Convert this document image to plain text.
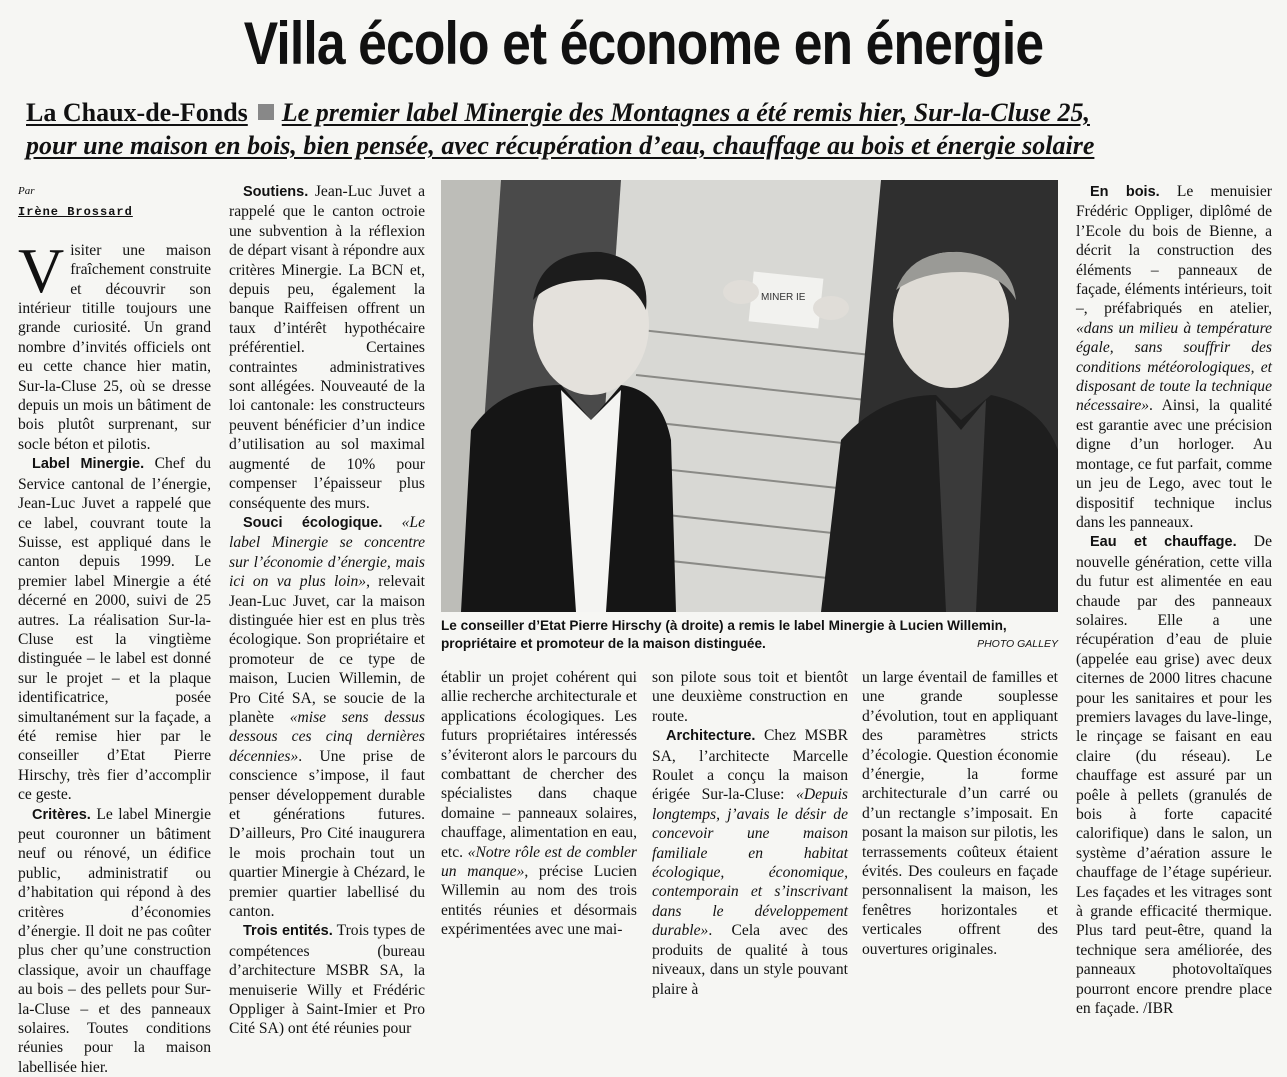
Villa écolo et économe en énergie
La Chaux-de-Fonds Le premier label Minergie des Montagnes a été remis hier, Sur-la-Cluse 25,
pour une maison en bois, bien pensée, avec récupération d’eau, chauffage au bois et énergie solaire
Par
Irène Brossard

Visiter une maison fraîchement construite et découvrir son intérieur titille toujours une grande curiosité. Un grand nombre d’invités officiels ont eu cette chance hier matin, Sur-la-Cluse 25, où se dresse depuis un mois un bâtiment de bois plutôt surprenant, sur socle béton et pilotis.

Label Minergie. Chef du Service cantonal de l’énergie, Jean-Luc Juvet a rappelé que ce label, couvrant toute la Suisse, est appliqué dans le canton depuis 1999. Le premier label Minergie a été décerné en 2000, suivi de 25 autres. La réalisation Sur-la-Cluse est la vingtième distinguée – le label est donné sur le projet – et la plaque identificatrice, posée simultanément sur la façade, a été remise hier par le conseiller d’Etat Pierre Hirschy, très fier d’accomplir ce geste.

Critères. Le label Minergie peut couronner un bâtiment neuf ou rénové, un édifice public, administratif ou d’habitation qui répond à des critères d’économies d’énergie. Il doit ne pas coûter plus cher qu’une construction classique, avoir un chauffage au bois – des pellets pour Sur-la-Cluse – et des panneaux solaires. Toutes conditions réunies pour la maison labellisée hier.

Soutiens. Jean-Luc Juvet a rappelé que le canton octroie une subvention à la réflexion de départ visant à répondre aux critères Minergie. La BCN et, depuis peu, également la banque Raiffeisen offrent un taux d’intérêt hypothécaire préférentiel. Certaines contraintes administratives sont allégées. Nouveauté de la loi cantonale: les constructeurs peuvent bénéficier d’un indice d’utilisation au sol maximal augmenté de 10% pour compenser l’épaisseur plus conséquente des murs.

Souci écologique. «Le label Minergie se concentre sur l’économie d’énergie, mais ici on va plus loin», relevait Jean-Luc Juvet, car la maison distinguée hier est en plus très écologique. Son propriétaire et promoteur de ce type de maison, Lucien Willemin, de Pro Cité SA, se soucie de la planète «mise sens dessus dessous ces cinq dernières décennies». Une prise de conscience s’impose, il faut penser développement durable et générations futures. D’ailleurs, Pro Cité inaugurera le mois prochain tout un quartier Minergie à Chézard, le premier quartier labellisé du canton.

Trois entités. Trois types de compétences (bureau d’architecture MSBR SA, la menuiserie Willy et Frédéric Oppliger à Saint-Imier et Pro Cité SA) ont été réunies pour

MINER IE
Le conseiller d’Etat Pierre Hirschy (à droite) a remis le label Minergie à Lucien Willemin, propriétaire et promoteur de la maison distinguée.	PHOTO GALLEY

établir un projet cohérent qui allie recherche architecturale et applications écologiques. Les futurs propriétaires intéressés s’éviteront alors le parcours du combattant de chercher des spécialistes dans chaque domaine – panneaux solaires, chauffage, alimentation en eau, etc. «Notre rôle est de combler un manque», précise Lucien Willemin au nom des trois entités réunies et désormais expérimentées avec une mai-

son pilote sous toit et bientôt une deuxième construction en route.

Architecture. Chez MSBR SA, l’architecte Marcelle Roulet a conçu la maison érigée Sur-la-Cluse: «Depuis longtemps, j’avais le désir de concevoir une maison familiale en habitat écologique, économique, contemporain et s’inscrivant dans le développement durable». Cela avec des produits de qualité à tous niveaux, dans un style pouvant plaire à

un large éventail de familles et une grande souplesse d’évolution, tout en appliquant des paramètres stricts d’écologie. Question économie d’énergie, la forme architecturale d’un carré ou d’un rectangle s’imposait. En posant la maison sur pilotis, les terrassements coûteux étaient évités. Des couleurs en façade personnalisent la maison, les fenêtres horizontales et verticales offrent des ouvertures originales.

En bois. Le menuisier Frédéric Oppliger, diplômé de l’Ecole du bois de Bienne, a décrit la construction des éléments – panneaux de façade, éléments intérieurs, toit –, préfabriqués en atelier, «dans un milieu à température égale, sans souffrir des conditions météorologiques, et disposant de toute la technique nécessaire». Ainsi, la qualité est garantie avec une précision digne d’un horloger. Au montage, ce fut parfait, comme un jeu de Lego, avec tout le dispositif technique inclus dans les panneaux.

Eau et chauffage. De nouvelle génération, cette villa du futur est alimentée en eau chaude par des panneaux solaires. Elle a une récupération d’eau de pluie (appelée eau grise) avec deux citernes de 2000 litres chacune pour les sanitaires et pour les premiers lavages du lave-linge, le rinçage se faisant en eau claire (du réseau). Le chauffage est assuré par un poêle à pellets (granulés de bois à forte capacité calorifique) dans le salon, un système d’aération assure le chauffage de l’étage supérieur. Les façades et les vitrages sont à grande efficacité thermique. Plus tard peut-être, quand la technique sera améliorée, des panneaux photovoltaïques pourront encore prendre place en façade. /IBR
